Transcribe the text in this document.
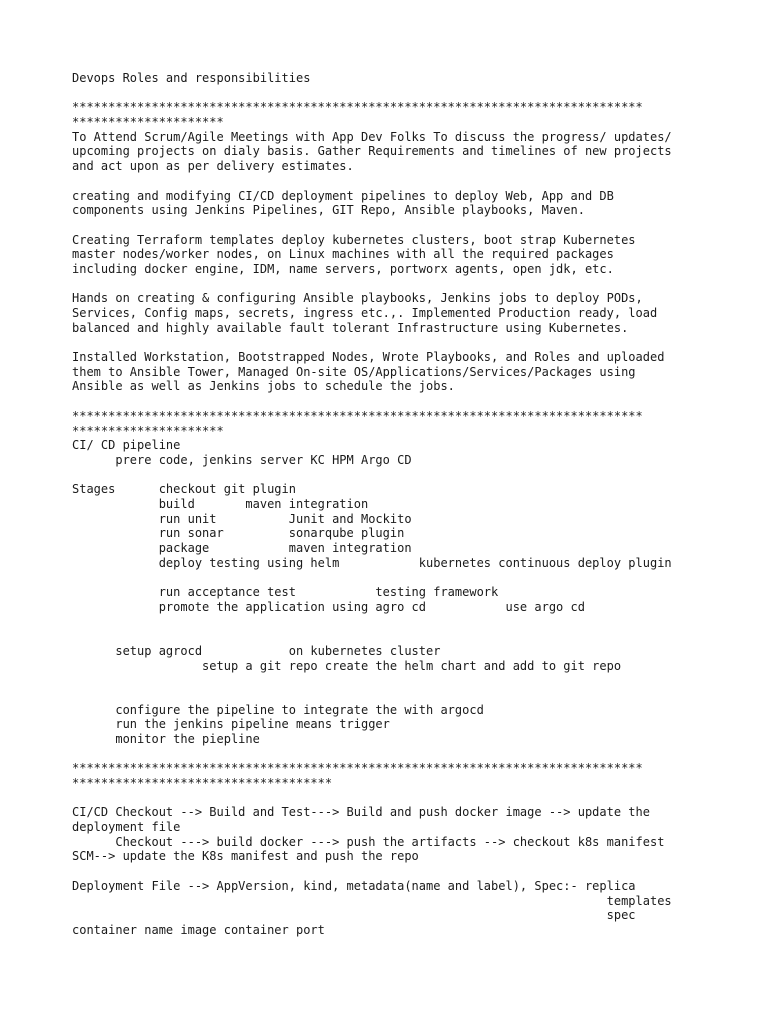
Devops Roles and responsibilities
*******************************************************************************
*********************
To Attend Scrum/Agile Meetings with App Dev Folks To discuss the progress/ updates/
upcoming projects on dialy basis. Gather Requirements and timelines of new projects
and act upon as per delivery estimates.
creating and modifying CI/CD deployment pipelines to deploy Web, App and DB
components using Jenkins Pipelines, GIT Repo, Ansible playbooks, Maven.
Creating Terraform templates deploy kubernetes clusters, boot strap Kubernetes
master nodes/worker nodes, on Linux machines with all the required packages
including docker engine, IDM, name servers, portworx agents, open jdk, etc.
Hands on creating & configuring Ansible playbooks, Jenkins jobs to deploy PODs,
Services, Config maps, secrets, ingress etc.,. Implemented Production ready, load
balanced and highly available fault tolerant Infrastructure using Kubernetes.
Installed Workstation, Bootstrapped Nodes, Wrote Playbooks, and Roles and uploaded
them to Ansible Tower, Managed On-site OS/Applications/Services/Packages using
Ansible as well as Jenkins jobs to schedule the jobs.
*******************************************************************************
*********************
CI/ CD pipeline
prere code, jenkins server KC HPM Argo CD
Stages      checkout git plugin
build       maven integration
run unit          Junit and Mockito
run sonar         sonarqube plugin
package           maven integration
deploy testing using helm           kubernetes continuous deploy plugin
run acceptance test           testing framework
promote the application using agro cd           use argo cd
setup agrocd            on kubernetes cluster
setup a git repo create the helm chart and add to git repo
configure the pipeline to integrate the with argocd
run the jenkins pipeline means trigger
monitor the piepline
*******************************************************************************
************************************
CI/CD Checkout --> Build and Test---> Build and push docker image --> update the
deployment file
Checkout ---> build docker ---> push the artifacts --> checkout k8s manifest
SCM--> update the K8s manifest and push the repo
Deployment File --> AppVersion, kind, metadata(name and label), Spec:- replica
templates
spec
container name image container port
